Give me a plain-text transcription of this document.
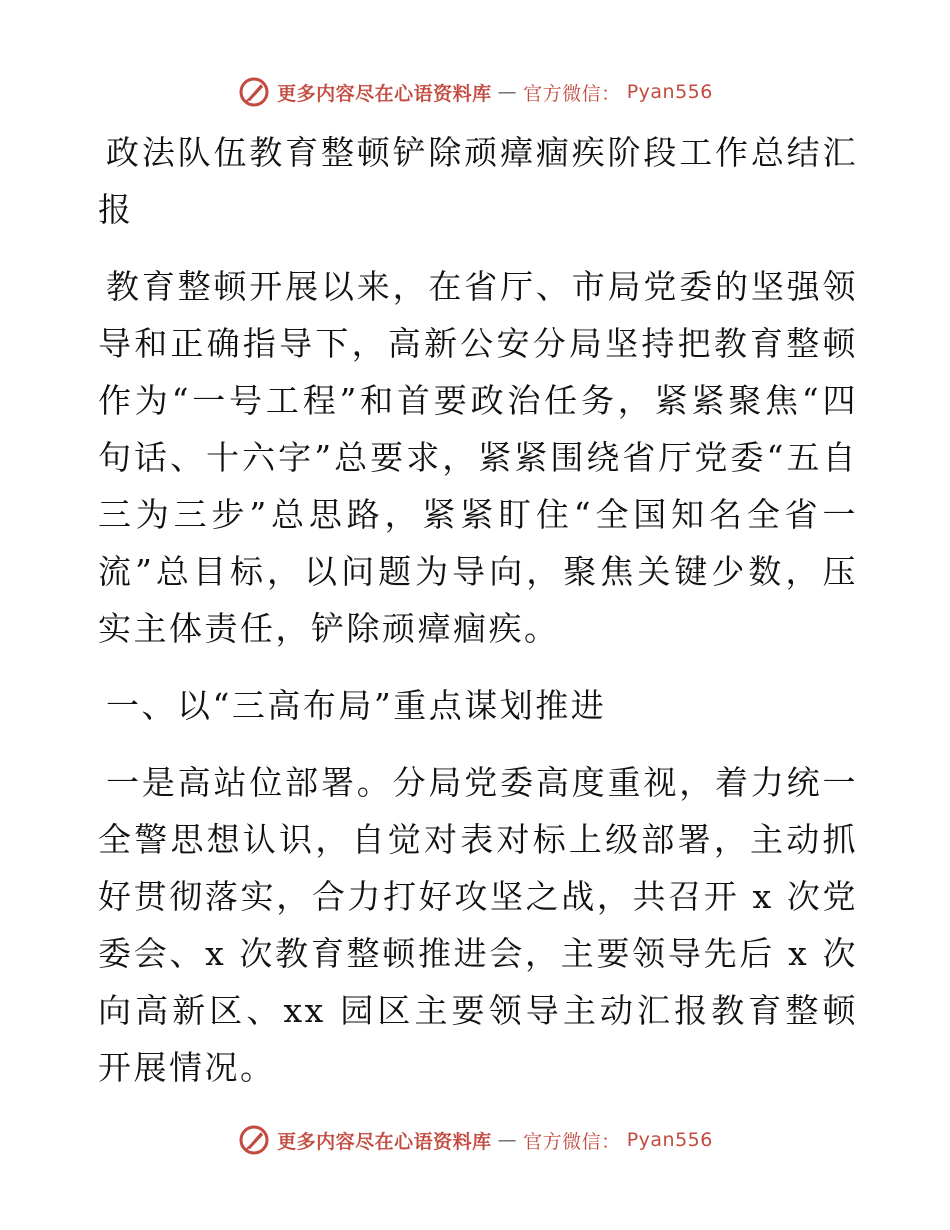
更多内容尽在心语资料库 — 官方微信： Pyan556

政法队伍教育整顿铲除顽瘴痼疾阶段工作总结汇报

教育整顿开展以来，在省厅、市局党委的坚强领导和正确指导下，高新公安分局坚持把教育整顿作为“一号工程”和首要政治任务，紧紧聚焦“四句话、十六字”总要求，紧紧围绕省厅党委“五自三为三步”总思路，紧紧盯住“全国知名全省一流”总目标，以问题为导向，聚焦关键少数，压实主体责任，铲除顽瘴痼疾。

一、以“三高布局”重点谋划推进

一是高站位部署。分局党委高度重视，着力统一全警思想认识，自觉对表对标上级部署，主动抓好贯彻落实，合力打好攻坚之战，共召开 x 次党委会、x 次教育整顿推进会，主要领导先后 x 次向高新区、xx 园区主要领导主动汇报教育整顿开展情况。

更多内容尽在心语资料库 — 官方微信： Pyan556
